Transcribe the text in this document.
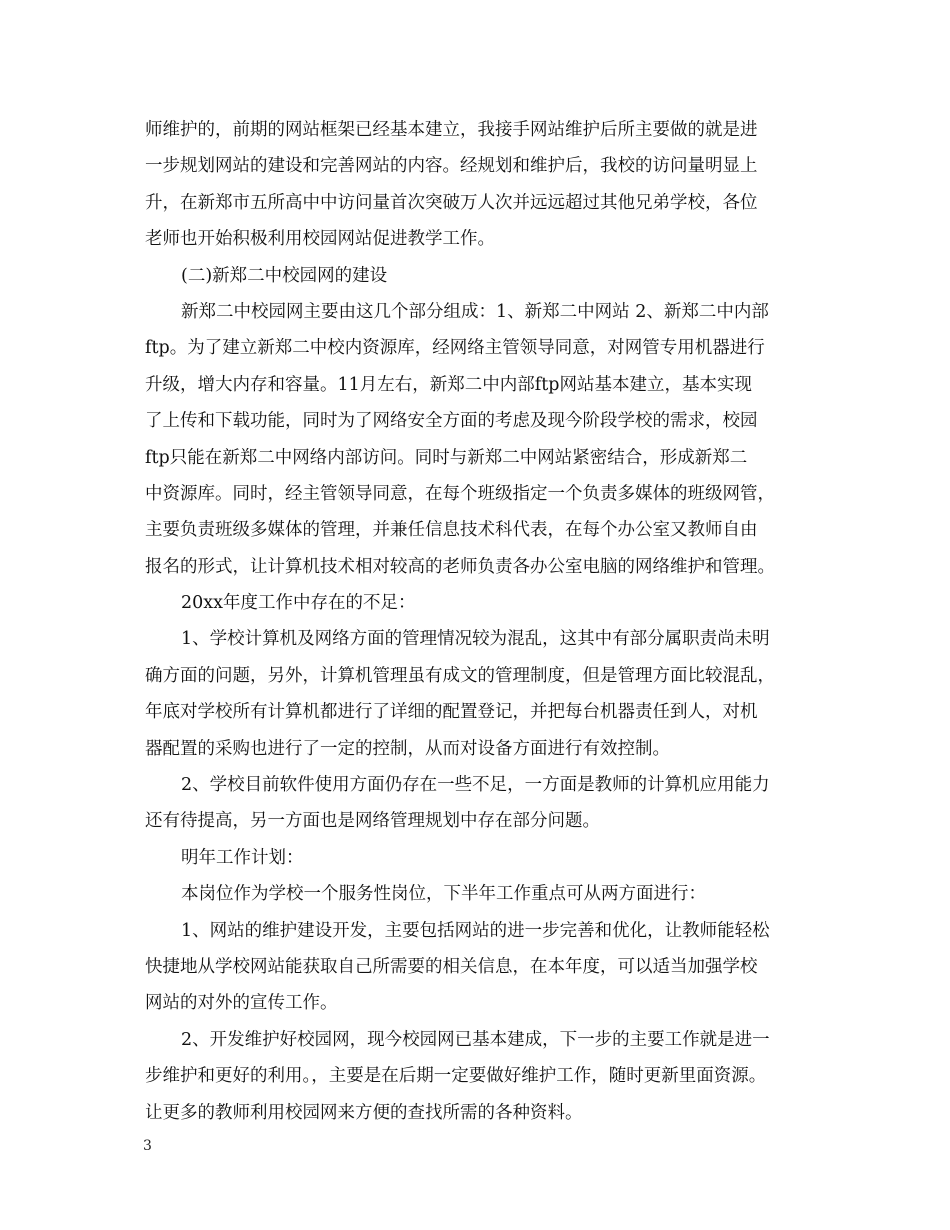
师维护的，前期的网站框架已经基本建立，我接手网站维护后所主要做的就是进
一步规划网站的建设和完善网站的内容。经规划和维护后，我校的访问量明显上
升，在新郑市五所高中中访问量首次突破万人次并远远超过其他兄弟学校，各位
老师也开始积极利用校园网站促进教学工作。
(二)新郑二中校园网的建设
新郑二中校园网主要由这几个部分组成：1、新郑二中网站 2、新郑二中内部
ftp。为了建立新郑二中校内资源库，经网络主管领导同意，对网管专用机器进行
升级，增大内存和容量。11月左右，新郑二中内部ftp网站基本建立，基本实现
了上传和下载功能，同时为了网络安全方面的考虑及现今阶段学校的需求，校园
ftp只能在新郑二中网络内部访问。同时与新郑二中网站紧密结合，形成新郑二
中资源库。同时，经主管领导同意，在每个班级指定一个负责多媒体的班级网管，
主要负责班级多媒体的管理，并兼任信息技术科代表，在每个办公室又教师自由
报名的形式，让计算机技术相对较高的老师负责各办公室电脑的网络维护和管理。
20xx年度工作中存在的不足：
1、学校计算机及网络方面的管理情况较为混乱，这其中有部分属职责尚未明
确方面的问题，另外，计算机管理虽有成文的管理制度，但是管理方面比较混乱，
年底对学校所有计算机都进行了详细的配置登记，并把每台机器责任到人，对机
器配置的采购也进行了一定的控制，从而对设备方面进行有效控制。
2、学校目前软件使用方面仍存在一些不足，一方面是教师的计算机应用能力
还有待提高，另一方面也是网络管理规划中存在部分问题。
明年工作计划：
本岗位作为学校一个服务性岗位，下半年工作重点可从两方面进行：
1、网站的维护建设开发，主要包括网站的进一步完善和优化，让教师能轻松
快捷地从学校网站能获取自己所需要的相关信息，在本年度，可以适当加强学校
网站的对外的宣传工作。
2、开发维护好校园网，现今校园网已基本建成，下一步的主要工作就是进一
步维护和更好的利用。，主要是在后期一定要做好维护工作，随时更新里面资源。
让更多的教师利用校园网来方便的查找所需的各种资料。
3
